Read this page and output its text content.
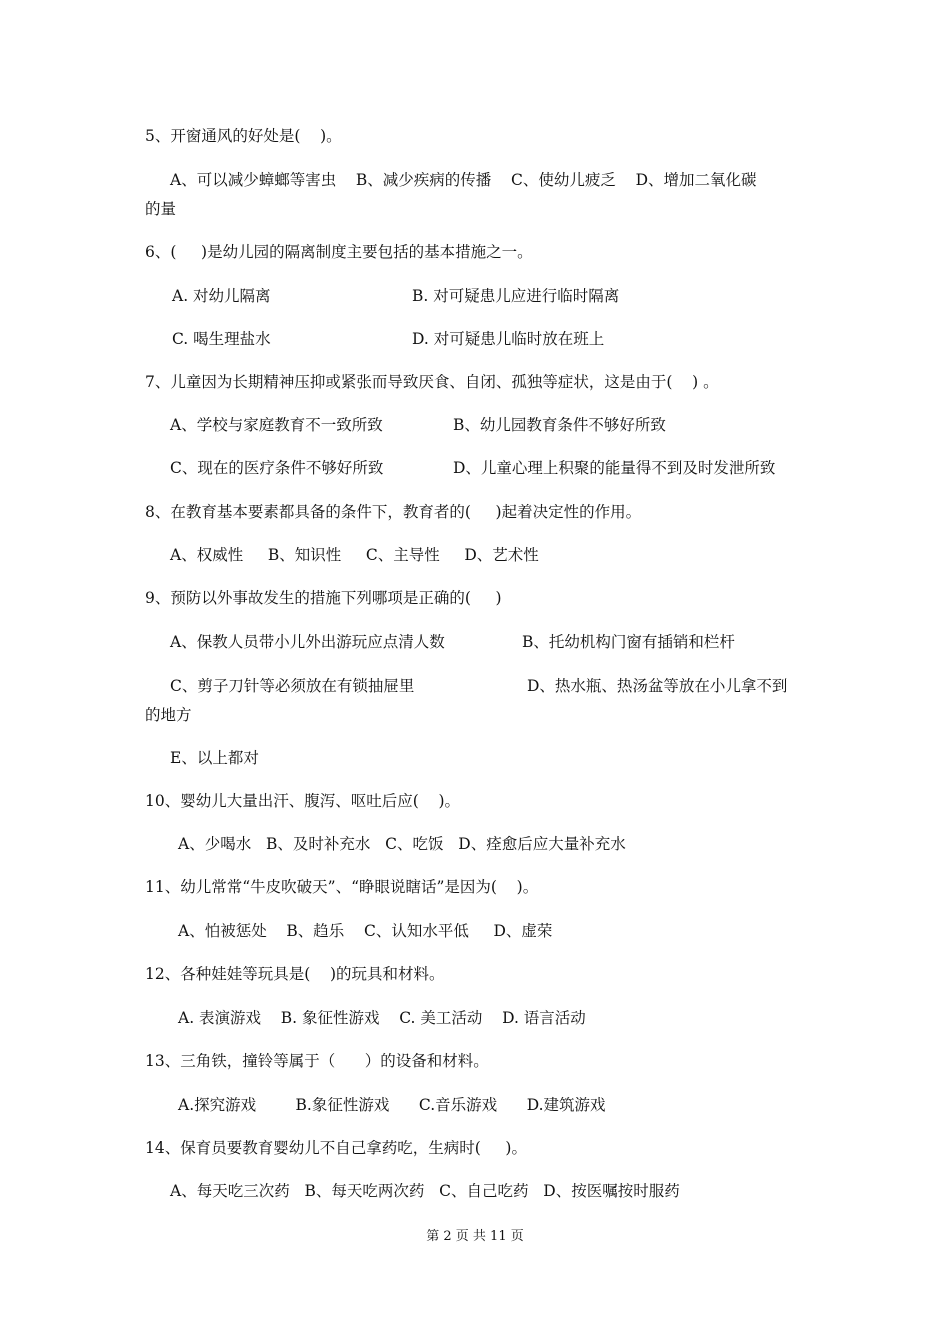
5、开窗通风的好处是(    )。
A、可以减少蟑螂等害虫    B、减少疾病的传播    C、使幼儿疲乏    D、增加二氧化碳
的量
6、(     )是幼儿园的隔离制度主要包括的基本措施之一。
A. 对幼儿隔离	B. 对可疑患儿应进行临时隔离
C. 喝生理盐水	D. 对可疑患儿临时放在班上
7、儿童因为长期精神压抑或紧张而导致厌食、自闭、孤独等症状，这是由于(    ) 。
A、学校与家庭教育不一致所致	B、幼儿园教育条件不够好所致
C、现在的医疗条件不够好所致	D、儿童心理上积聚的能量得不到及时发泄所致
8、在教育基本要素都具备的条件下，教育者的(     )起着决定性的作用。
A、权威性     B、知识性     C、主导性     D、艺术性
9、预防以外事故发生的措施下列哪项是正确的(     )
A、保教人员带小儿外出游玩应点清人数	B、托幼机构门窗有插销和栏杆
C、剪子刀针等必须放在有锁抽屉里	D、热水瓶、热汤盆等放在小儿拿不到
的地方
E、以上都对
10、婴幼儿大量出汗、腹泻、呕吐后应(    )。
A、少喝水   B、及时补充水   C、吃饭   D、痊愈后应大量补充水
11、幼儿常常“牛皮吹破天”、“睁眼说瞎话”是因为(    )。
A、怕被惩处    B、趋乐    C、认知水平低     D、虚荣
12、各种娃娃等玩具是(    )的玩具和材料。
A. 表演游戏    B. 象征性游戏    C. 美工活动    D. 语言活动
13、三角铁，撞铃等属于（      ）的设备和材料。
A.探究游戏        B.象征性游戏      C.音乐游戏      D.建筑游戏
14、保育员要教育婴幼儿不自己拿药吃，生病时(     )。
A、每天吃三次药   B、每天吃两次药   C、自己吃药   D、按医嘱按时服药
第 2 页 共 11 页
